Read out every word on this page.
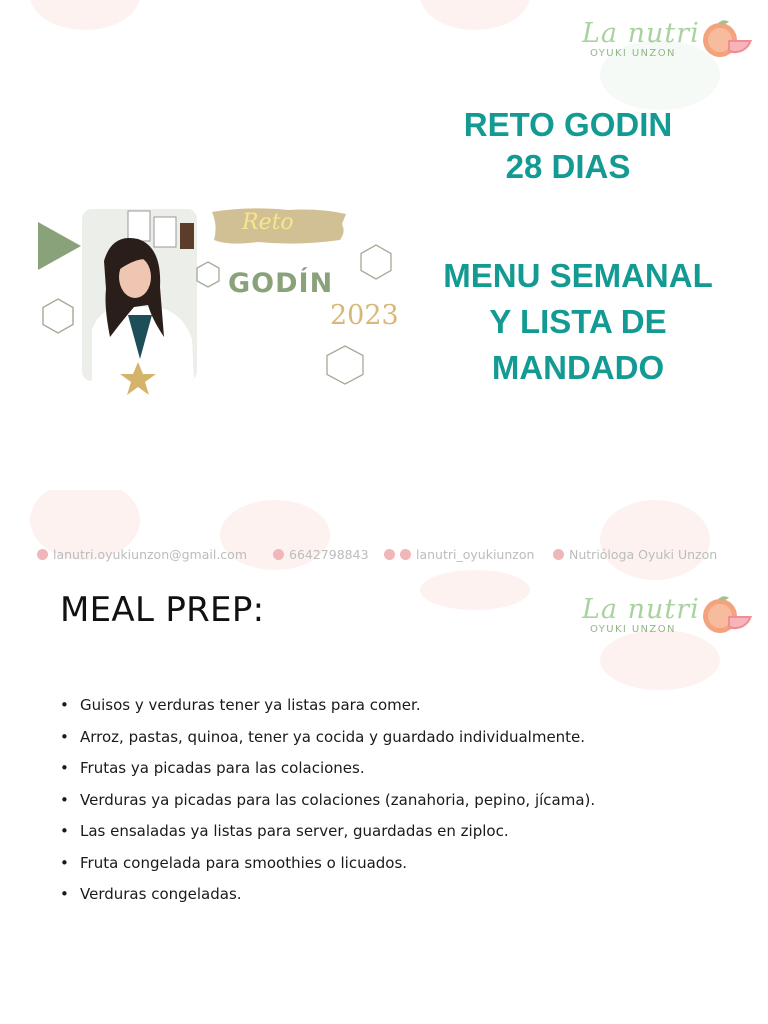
La nutri
OYUKI UNZON
Reto
GODÍN
2023
RETO GODIN
28 DIAS
MENU SEMANAL
Y LISTA DE
MANDADO
lanutri.oyukiunzon@gmail.com	6642798843	lanutri_oyukiunzon	Nutrióloga Oyuki Unzon
La nutri
OYUKI UNZON
MEAL PREP:
• Guisos y verduras tener ya listas para comer.
• Arroz, pastas, quinoa, tener ya cocida y guardado individualmente.
• Frutas ya picadas para las colaciones.
• Verduras ya picadas para las colaciones (zanahoria, pepino, jícama).
• Las ensaladas ya listas para server, guardadas en ziploc.
• Fruta congelada para smoothies o licuados.
• Verduras congeladas.
